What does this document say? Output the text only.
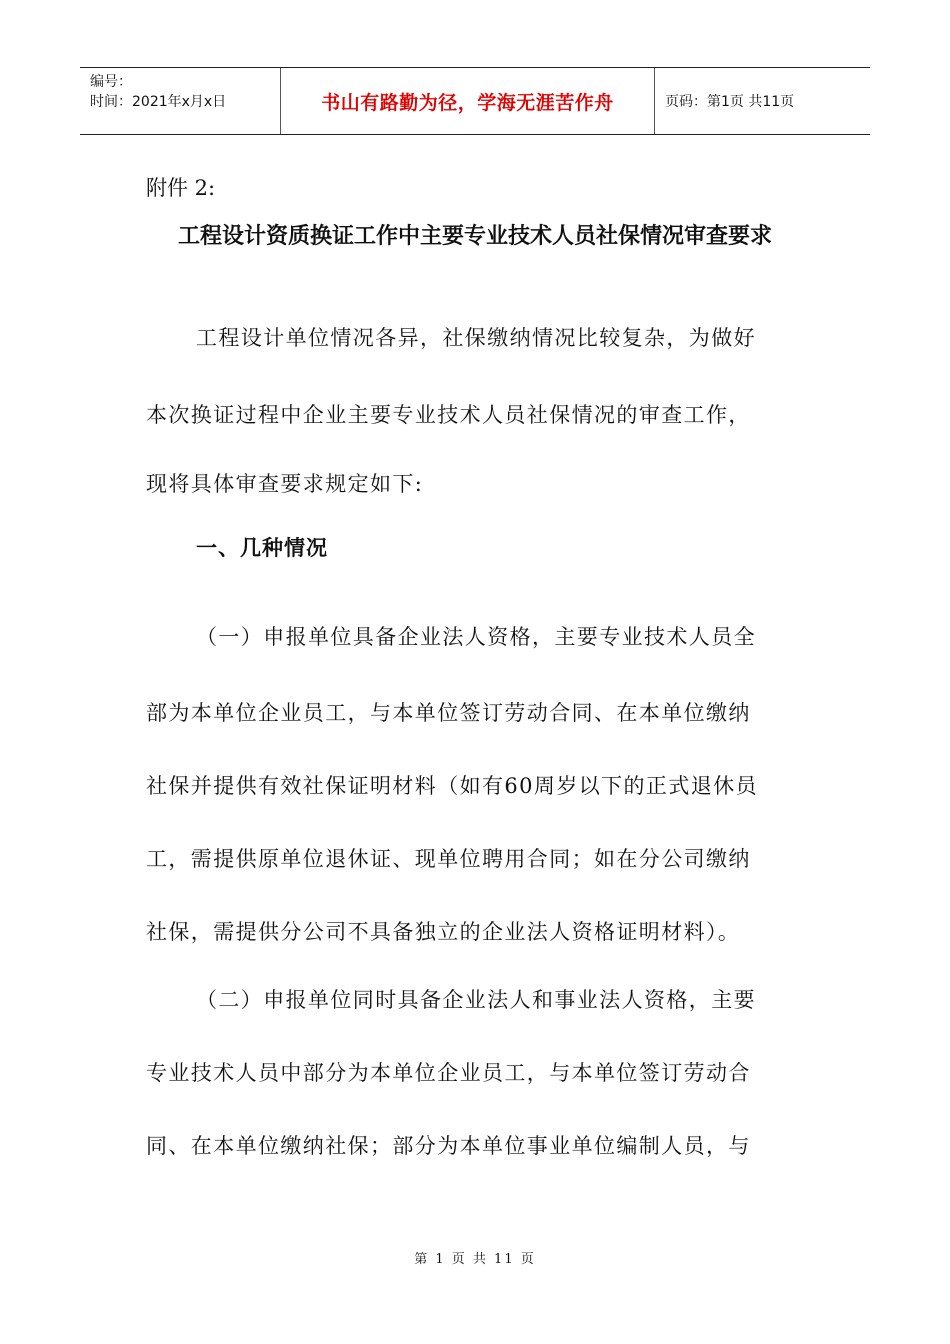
编号：
时间：2021年x月x日	书山有路勤为径，学海无涯苦作舟	页码：第1页 共11页
附件 2:
工程设计资质换证工作中主要专业技术人员社保情况审查要求
工程设计单位情况各异，社保缴纳情况比较复杂，为做好
本次换证过程中企业主要专业技术人员社保情况的审查工作，
现将具体审查要求规定如下:
一、几种情况
（一）申报单位具备企业法人资格，主要专业技术人员全
部为本单位企业员工，与本单位签订劳动合同、在本单位缴纳
社保并提供有效社保证明材料（如有60周岁以下的正式退休员
工，需提供原单位退休证、现单位聘用合同；如在分公司缴纳
社保，需提供分公司不具备独立的企业法人资格证明材料）。
（二）申报单位同时具备企业法人和事业法人资格，主要
专业技术人员中部分为本单位企业员工，与本单位签订劳动合
同、在本单位缴纳社保；部分为本单位事业单位编制人员，与
第 1 页 共 11 页
